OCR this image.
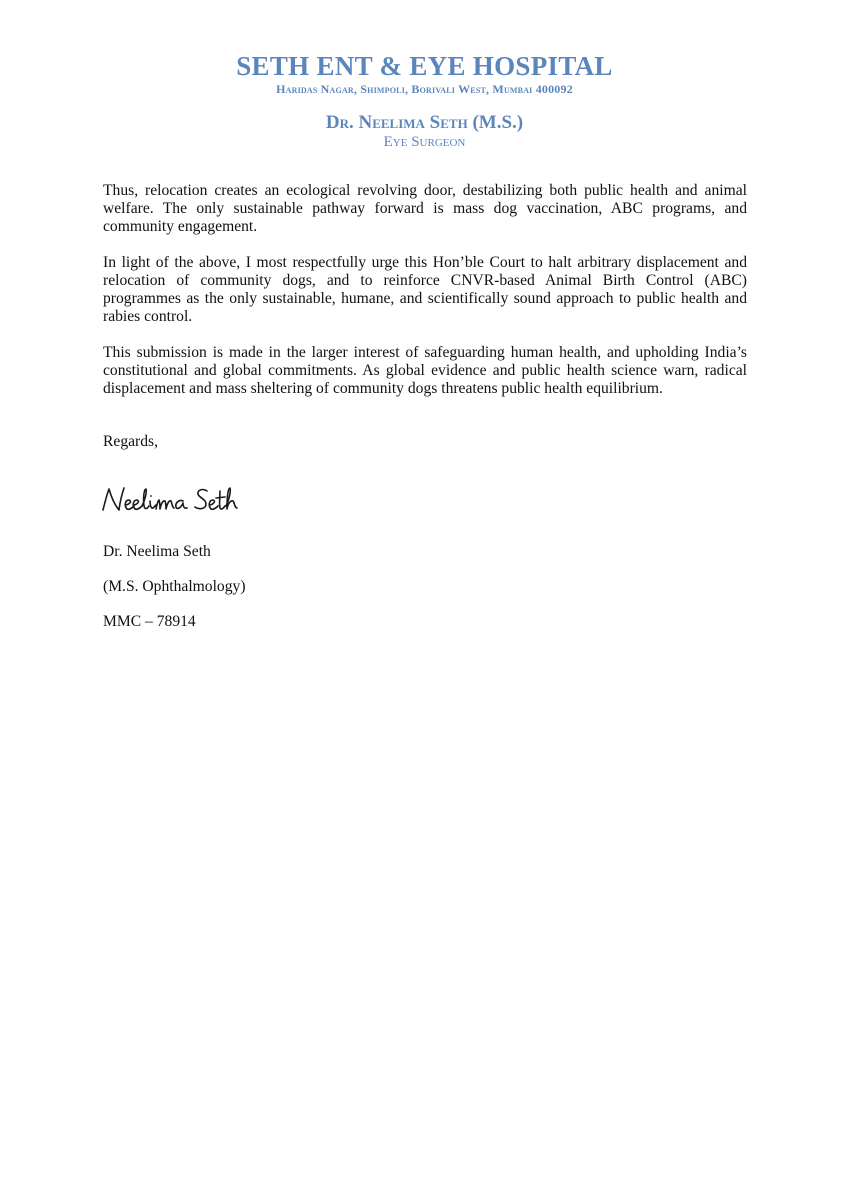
SETH ENT & EYE HOSPITAL

Haridas Nagar, Shimpoli, Borivali West, Mumbai 400092

Dr. Neelima Seth (M.S.)

Eye Surgeon

Thus, relocation creates an ecological revolving door, destabilizing both public health and animal welfare. The only sustainable pathway forward is mass dog vaccination, ABC programs, and community engagement.

In light of the above, I most respectfully urge this Hon’ble Court to halt arbitrary displacement and relocation of community dogs, and to reinforce CNVR-based Animal Birth Control (ABC) programmes as the only sustainable, humane, and scientifically sound approach to public health and rabies control.

This submission is made in the larger interest of safeguarding human health, and upholding India’s constitutional and global commitments. As global evidence and public health science warn, radical displacement and mass sheltering of community dogs threatens public health equilibrium.

Regards,

Dr. Neelima Seth

(M.S. Ophthalmology)

MMC – 78914
